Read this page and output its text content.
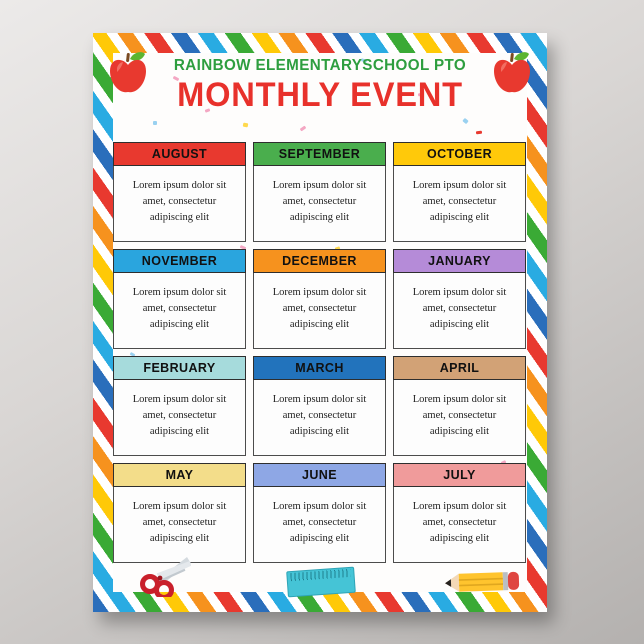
RAINBOW ELEMENTARYSCHOOL PTO
MONTHLY EVENT
AUGUST
Lorem ipsum dolor sit amet, consectetur adipiscing elit
SEPTEMBER
Lorem ipsum dolor sit amet, consectetur adipiscing elit
OCTOBER
Lorem ipsum dolor sit amet, consectetur adipiscing elit
NOVEMBER
Lorem ipsum dolor sit amet, consectetur adipiscing elit
DECEMBER
Lorem ipsum dolor sit amet, consectetur adipiscing elit
JANUARY
Lorem ipsum dolor sit amet, consectetur adipiscing elit
FEBRUARY
Lorem ipsum dolor sit amet, consectetur adipiscing elit
MARCH
Lorem ipsum dolor sit amet, consectetur adipiscing elit
APRIL
Lorem ipsum dolor sit amet, consectetur adipiscing elit
MAY
Lorem ipsum dolor sit amet, consectetur adipiscing elit
JUNE
Lorem ipsum dolor sit amet, consectetur adipiscing elit
JULY
Lorem ipsum dolor sit amet, consectetur adipiscing elit
